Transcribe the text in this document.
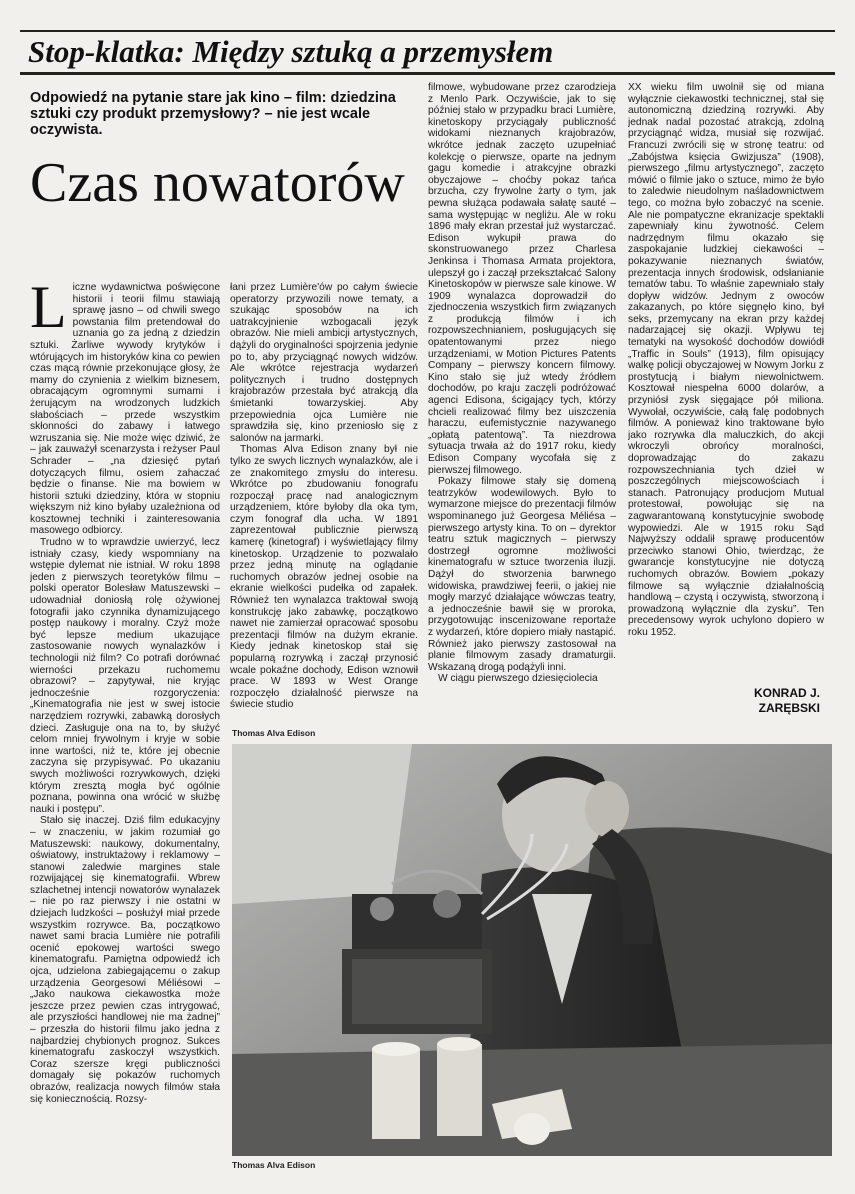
Stop-klatka: Między sztuką a przemysłem
Odpowiedź na pytanie stare jak kino – film: dziedzina sztuki czy produkt przemysłowy? – nie jest wcale oczywista.
Czas nowatorów

Liczne wydawnictwa poświęcone historii i teorii filmu stawiają sprawę jasno – od chwili swego powstania film pretendował do uznania go za jedną z dziedzin sztuki. Żarliwe wywody krytyków i wtórujących im historyków kina co pewien czas mącą równie przekonujące głosy, że mamy do czynienia z wielkim biznesem, obracającym ogromnymi sumami i żerującym na wrodzonych ludzkich słabościach – przede wszystkim skłonności do zabawy i łatwego wzruszania się. Nie może więc dziwić, że – jak zauważył scenarzysta i reżyser Paul Schrader – „na dziesięć pytań dotyczących filmu, osiem zahaczać będzie o finanse. Nie ma bowiem w historii sztuki dziedziny, która w stopniu większym niż kino byłaby uzależniona od kosztownej techniki i zainteresowania masowego odbiorcy.

Trudno w to wprawdzie uwierzyć, lecz istniały czasy, kiedy wspomniany na wstępie dylemat nie istniał. W roku 1898 jeden z pierwszych teoretyków filmu – polski operator Bolesław Matuszewski – udowadniał doniosłą rolę ożywionej fotografii jako czynnika dynamizującego postęp naukowy i moralny. Czyż może być lepsze medium ukazujące zastosowanie nowych wynalazków i technologii niż film? Co potrafi dorównać wierności przekazu ruchomemu obrazowi? – zapytywał, nie kryjąc jednocześnie rozgoryczenia: „Kinematografia nie jest w swej istocie narzędziem rozrywki, zabawką dorosłych dzieci. Zasługuje ona na to, by służyć celom mniej frywolnym i kryje w sobie inne wartości, niż te, które jej obecnie zaczyna się przypisywać. Po ukazaniu swych możliwości rozrywkowych, dzięki którym zresztą mogła być ogólnie poznana, powinna ona wrócić w służbę nauki i postępu”.

Stało się inaczej. Dziś film edukacyjny – w znaczeniu, w jakim rozumiał go Matuszewski: naukowy, dokumentalny, oświatowy, instruktażowy i reklamowy – stanowi zaledwie margines stale rozwijającej się kinematografii. Wbrew szlachetnej intencji nowatorów wynalazek – nie po raz pierwszy i nie ostatni w dziejach ludzkości – posłużył miał przede wszystkim rozrywce. Ba, początkowo nawet sami bracia Lumière nie potrafili ocenić epokowej wartości swego kinematografu. Pamiętna odpowiedź ich ojca, udzielona zabiegającemu o zakup urządzenia Georgesowi Méliésowi – „Jako naukowa ciekawostka może jeszcze przez pewien czas intrygować, ale przyszłości handlowej nie ma żadnej” – przeszła do historii filmu jako jedna z najbardziej chybionych prognoz. Sukces kinematografu zaskoczył wszystkich. Coraz szersze kręgi publiczności domagały się pokazów ruchomych obrazów, realizacja nowych filmów stała się koniecznością. Rozsy-

łani przez Lumière'ów po całym świecie operatorzy przywozili nowe tematy, a szukając sposobów na ich uatrakcyjnienie wzbogacali język obrazów. Nie mieli ambicji artystycznych, dążyli do oryginalności spojrzenia jedynie po to, aby przyciągnąć nowych widzów. Ale wkrótce rejestracja wydarzeń politycznych i trudno dostępnych krajobrazów przestała być atrakcją dla śmietanki towarzyskiej. Aby przepowiednia ojca Lumière nie sprawdziła się, kino przeniosło się z salonów na jarmarki.

Thomas Alva Edison znany był nie tylko ze swych licznych wynalazków, ale i ze znakomitego zmysłu do interesu. Wkrótce po zbudowaniu fonografu rozpoczął pracę nad analogicznym urządzeniem, które byłoby dla oka tym, czym fonograf dla ucha. W 1891 zaprezentował publicznie pierwszą kamerę (kinetograf) i wyświetlający filmy kinetoskop. Urządzenie to pozwalało przez jedną minutę na oglądanie ruchomych obrazów jednej osobie na ekranie wielkości pudełka od zapałek. Również ten wynalazca traktował swoją konstrukcję jako zabawkę, początkowo nawet nie zamierzał opracować sposobu prezentacji filmów na dużym ekranie. Kiedy jednak kinetoskop stał się popularną rozrywką i zaczął przynosić wcale pokaźne dochody, Edison wznowił prace. W 1893 w West Orange rozpoczęło działalność pierwsze na świecie studio

filmowe, wybudowane przez czarodzieja z Menlo Park. Oczywiście, jak to się później stało w przypadku braci Lumière, kinetoskopy przyciągały publiczność widokami nieznanych krajobrazów, wkrótce jednak zaczęto uzupełniać kolekcję o pierwsze, oparte na jednym gagu komedie i atrakcyjne obrazki obyczajowe – choćby pokaz tańca brzucha, czy frywolne żarty o tym, jak pewna służąca podawała sałatę sauté – sama występując w negliżu. Ale w roku 1896 mały ekran przestał już wystarczać. Edison wykupił prawa do skonstruowanego przez Charlesa Jenkinsa i Thomasa Armata projektora, ulepszył go i zaczął przekształcać Salony Kinetoskopów w pierwsze sale kinowe. W 1909 wynalazca doprowadził do zjednoczenia wszystkich firm związanych z produkcją filmów i ich rozpowszechnianiem, posługujących się opatentowanymi przez niego urządzeniami, w Motion Pictures Patents Company – pierwszy koncern filmowy. Kino stało się już wtedy źródłem dochodów, po kraju zaczęli podróżować agenci Edisona, ścigający tych, którzy chcieli realizować filmy bez uiszczenia haraczu, eufemistycznie nazywanego „opłatą patentową”. Ta niezdrowa sytuacja trwała aż do 1917 roku, kiedy Edison Company wycofała się z pierwszej filmowego.

Pokazy filmowe stały się domeną teatrzyków wodewilowych. Było to wymarzone miejsce do prezentacji filmów wspominanego już Georgesa Méliésa – pierwszego artysty kina. To on – dyrektor teatru sztuk magicznych – pierwszy dostrzegł ogromne możliwości kinematografu w sztuce tworzenia iluzji. Dążył do stworzenia barwnego widowiska, prawdziwej feerii, o jakiej nie mogły marzyć działające wówczas teatry, a jednocześnie bawił się w proroka, przygotowując inscenizowane reportaże z wydarzeń, które dopiero miały nastąpić. Również jako pierwszy zastosował na planie filmowym zasady dramaturgii. Wskazaną drogą podążyli inni.

W ciągu pierwszego dziesięciolecia

XX wieku film uwolnił się od miana wyłącznie ciekawostki technicznej, stał się autonomiczną dziedziną rozrywki. Aby jednak nadal pozostać atrakcją, zdolną przyciągnąć widza, musiał się rozwijać. Francuzi zwrócili się w stronę teatru: od „Zabójstwa księcia Gwizjusza” (1908), pierwszego „filmu artystycznego”, zaczęto mówić o filmie jako o sztuce, mimo że było to zaledwie nieudolnym naśladownictwem tego, co można było zobaczyć na scenie. Ale nie pompatyczne ekranizacje spektakli zapewniały kinu żywotność. Celem nadrzędnym filmu okazało się zaspokajanie ludzkiej ciekawości – pokazywanie nieznanych światów, prezentacja innych środowisk, odsłanianie tematów tabu. To właśnie zapewniało stały dopływ widzów. Jednym z owoców zakazanych, po które sięgnęło kino, był seks, przemycany na ekran przy każdej nadarzającej się okazji. Wpływu tej tematyki na wysokość dochodów dowiódł „Traffic in Souls” (1913), film opisujący walkę policji obyczajowej w Nowym Jorku z prostytucją i białym niewolnictwem. Kosztował niespełna 6000 dolarów, a przyniósł zysk sięgające pół miliona. Wywołał, oczywiście, całą falę podobnych filmów. A ponieważ kino traktowane było jako rozrywka dla maluczkich, do akcji wkroczyli obrońcy moralności, doprowadzając do zakazu rozpowszechniania tych dzieł w poszczególnych miejscowościach i stanach. Patronujący producjom Mutual protestował, powołując się na zagwarantowaną konstytucyjnie swobodę wypowiedzi. Ale w 1915 roku Sąd Najwyższy oddalił sprawę producentów przeciwko stanowi Ohio, twierdząc, że gwarancje konstytucyjne nie dotyczą ruchomych obrazów. Bowiem „pokazy filmowe są wyłącznie działalnością handlową – czystą i oczywistą, stworzoną i prowadzoną wyłącznie dla zysku”. Ten precedensowy wyrok uchylono dopiero w roku 1952.

KONRAD J. ZARĘBSKI
Thomas Alva Edison
Thomas Alva Edison
